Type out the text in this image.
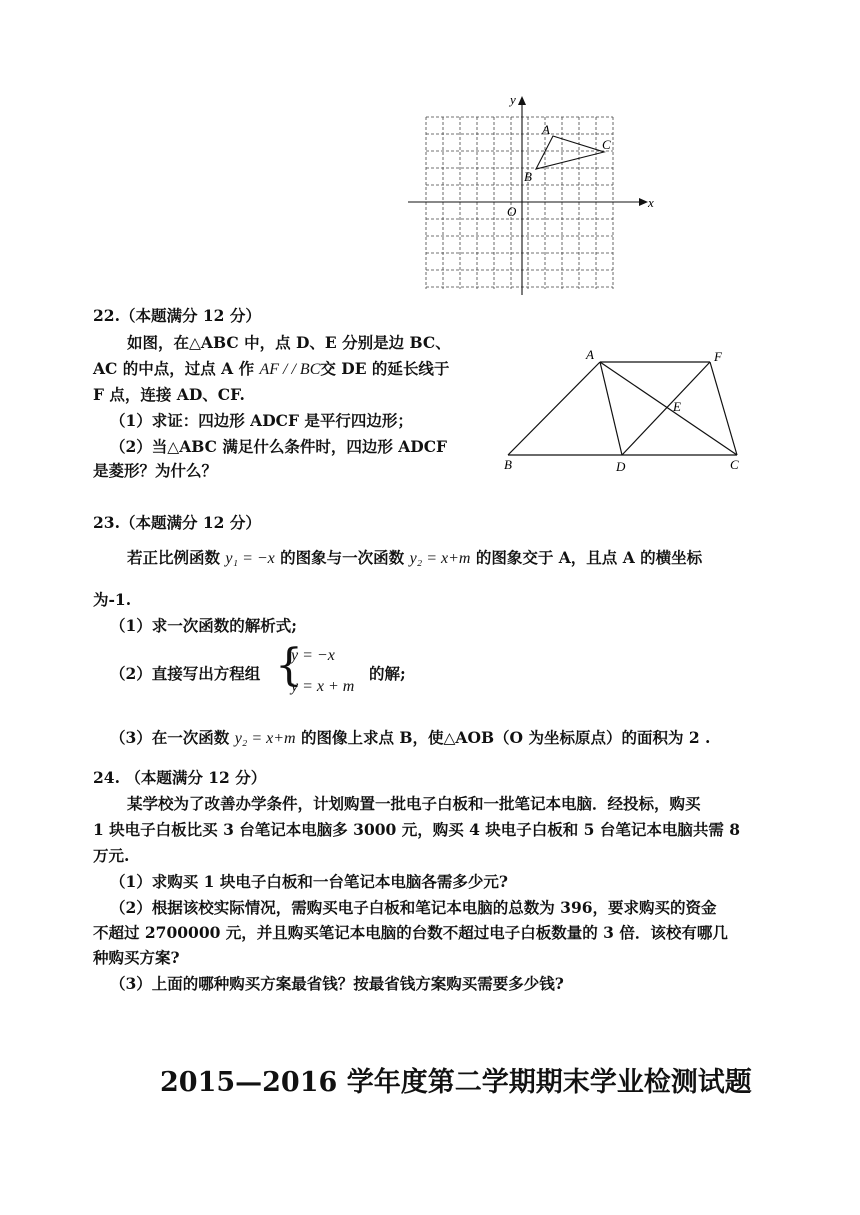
y
x
O
A
B
C
22.（本题满分 12 分）
如图，在△ABC 中，点 D、E 分别是边 BC、
AC 的中点，过点 A 作 AF / / BC交 DE 的延长线于
F 点，连接 AD、CF.
（1）求证：四边形 ADCF 是平行四边形；
（2）当△ABC 满足什么条件时，四边形 ADCF
是菱形？为什么？
A	F
E
B	D	C
23.（本题满分 12 分）
若正比例函数 y₁ = −x 的图象与一次函数 y₂ = x+m 的图象交于 A，且点 A 的横坐标
为-1.
（1）求一次函数的解析式;
（2）直接写出方程组 {
y = −x
y = x + m
的解;
（3）在一次函数 y₂ = x+m 的图像上求点 B，使△AOB（O 为坐标原点）的面积为 2 .
24. （本题满分 12 分）
某学校为了改善办学条件，计划购置一批电子白板和一批笔记本电脑．经投标，购买
1 块电子白板比买 3 台笔记本电脑多 3000 元，购买 4 块电子白板和 5 台笔记本电脑共需 8
万元.
（1）求购买 1 块电子白板和一台笔记本电脑各需多少元?
（2）根据该校实际情况，需购买电子白板和笔记本电脑的总数为 396，要求购买的资金
不超过 2700000 元，并且购买笔记本电脑的台数不超过电子白板数量的 3 倍．该校有哪几
种购买方案?
（3）上面的哪种购买方案最省钱？按最省钱方案购买需要多少钱?
2015—2016 学年度第二学期期末学业检测试题
